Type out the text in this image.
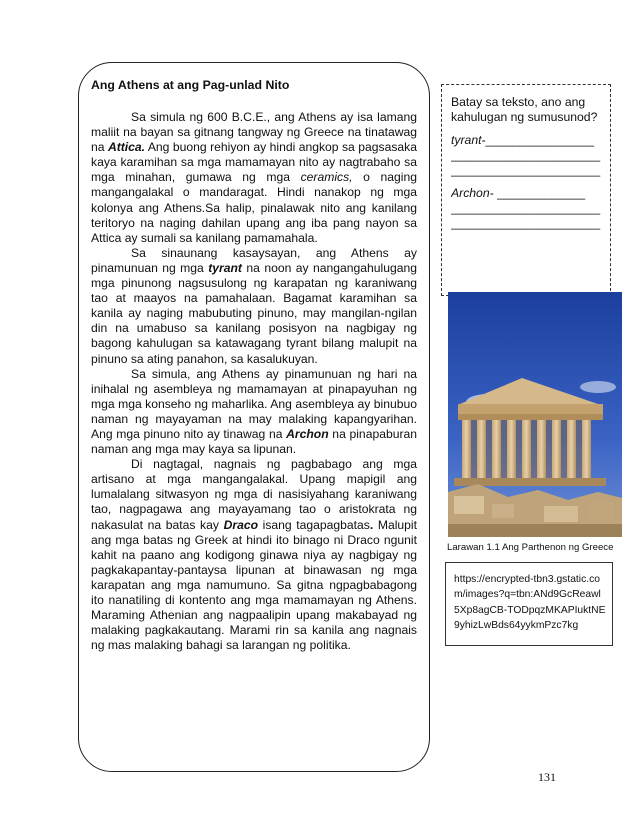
Ang Athens at ang Pag-unlad Nito

Sa simula ng 600 B.C.E., ang Athens ay isa lamang maliit na bayan sa gitnang tangway ng Greece na tinatawag na Attica. Ang buong rehiyon ay hindi angkop sa pagsasaka kaya karamihan sa mga mamamayan nito ay nagtrabaho sa mga minahan, gumawa ng mga ceramics, o naging mangangalakal o mandaragat. Hindi nanakop ng mga kolonya ang Athens.Sa halip, pinalawak nito ang kanilang teritoryo na naging dahilan upang ang iba pang nayon sa Attica ay sumali sa kanilang pamamahala.

Sa sinaunang kasaysayan, ang Athens ay pinamunuan ng mga tyrant na noon ay nangangahulugang mga pinunong nagsusulong ng karapatan ng karaniwang tao at maayos na pamahalaan. Bagamat karamihan sa kanila ay naging mabubuting pinuno, may mangilan-ngilan din na umabuso sa kanilang posisyon na nagbigay ng bagong kahulugan sa katawagang tyrant bilang malupit na pinuno sa ating panahon, sa kasalukuyan.

Sa simula, ang Athens ay pinamunuan ng hari na inihalal ng asembleya ng mamamayan at pinapayuhan ng mga mga konseho ng maharlika. Ang asembleya ay binubuo naman ng mayayaman na may malaking kapangyarihan. Ang mga pinuno nito ay tinawag na Archon na pinapaburan naman ang mga may kaya sa lipunan.

Di nagtagal, nagnais ng pagbabago ang mga artisano at mga mangangalakal. Upang mapigil ang lumalalang sitwasyon ng mga di nasisiyahang karaniwang tao, nagpagawa ang mayayamang tao o aristokrata ng nakasulat na batas kay Draco isang tagapagbatas. Malupit ang mga batas ng Greek at hindi ito binago ni Draco ngunit kahit na paano ang kodigong ginawa niya ay nagbigay ng pagkakapantay-pantaysa lipunan at binawasan ng mga karapatan ang mga namumuno. Sa gitna ngpagbabagong ito nanatiling di kontento ang mga mamamayan ng Athens. Maraming Athenian ang nagpaalipin upang makabayad ng malaking pagkakautang. Marami rin sa kanila ang nagnais ng mas malaking bahagi sa larangan ng politika.

Batay sa teksto, ano ang kahulugan ng sumusunod?
tyrant-________________
______________________
______________________
Archon- _____________
______________________
______________________
Larawan 1.1 Ang Parthenon ng Greece
https://encrypted-tbn3.gstatic.com/images?q=tbn:ANd9GcReawl5Xp8agCB-TODpqzMKAPIuktNE9yhizLwBds64yykmPzc7kg
131
